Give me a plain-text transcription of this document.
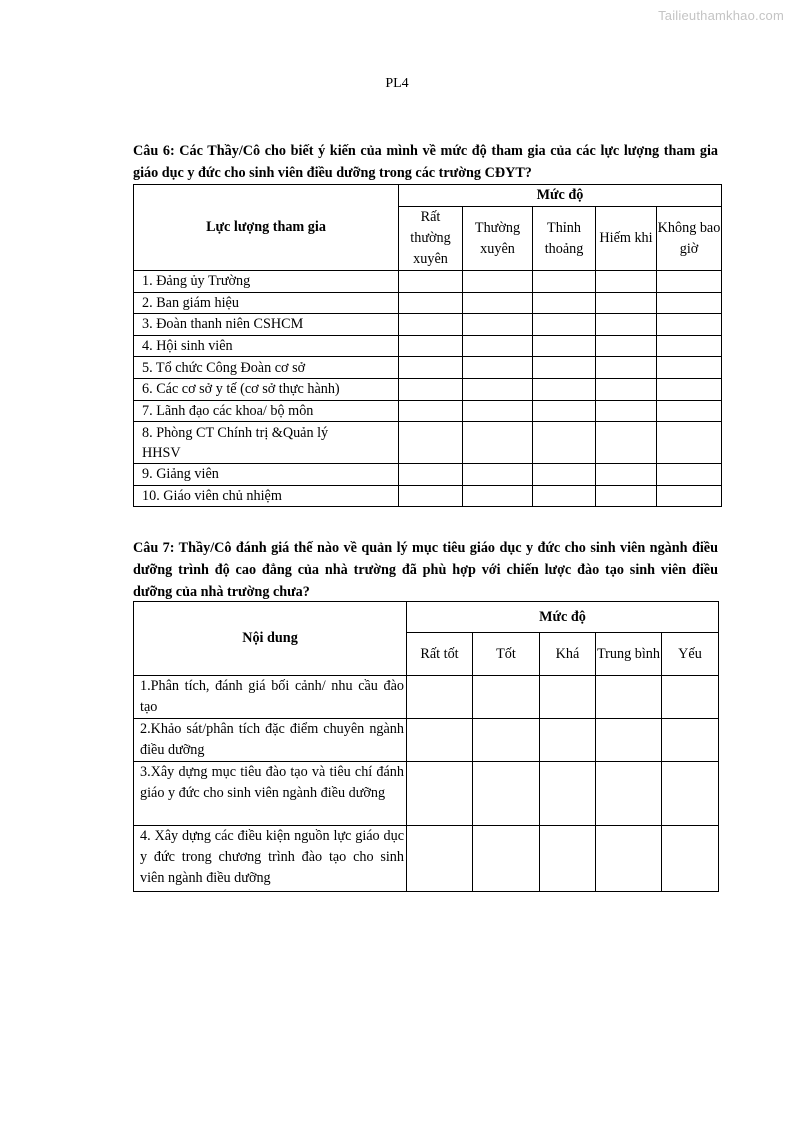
Tailieuthamkhao.com
PL4
Câu 6: Các Thầy/Cô cho biết ý kiến của mình về mức độ tham gia của các lực lượng tham gia giáo dục y đức cho sinh viên điều dưỡng trong các trường CĐYT?
Lực lượng tham gia	Mức độ				
	Rất thường xuyên	Thường xuyên	Thỉnh thoảng	Hiếm khi	Không bao giờ
1. Đảng ủy Trường					
2. Ban giám hiệu					
3. Đoàn thanh niên CSHCM					
4. Hội sinh viên					
5. Tổ chức Công Đoàn cơ sở					
6. Các cơ sở y tế (cơ sở thực hành)					
7. Lãnh đạo các khoa/ bộ môn					
8. Phòng CT Chính trị &Quản lý HHSV					
9. Giảng viên					
10. Giáo viên chủ nhiệm					
Câu 7: Thầy/Cô đánh giá thế nào về quản lý mục tiêu giáo dục y đức cho sinh viên ngành điều dưỡng trình độ cao đẳng của nhà trường đã phù hợp với chiến lược đào tạo sinh viên điều dưỡng của nhà trường chưa?
Nội dung	Mức độ				
	Rất tốt	Tốt	Khá	Trung bình	Yếu
1.Phân tích, đánh giá bối cảnh/ nhu cầu đào tạo					
2.Khảo sát/phân tích đặc điểm chuyên ngành điều dưỡng					
3.Xây dựng mục tiêu đào tạo và tiêu chí đánh giáo y đức cho sinh viên ngành điều dưỡng					
4. Xây dựng các điều kiện nguồn lực giáo dục y đức trong chương trình đào tạo cho sinh viên ngành điều dưỡng					
